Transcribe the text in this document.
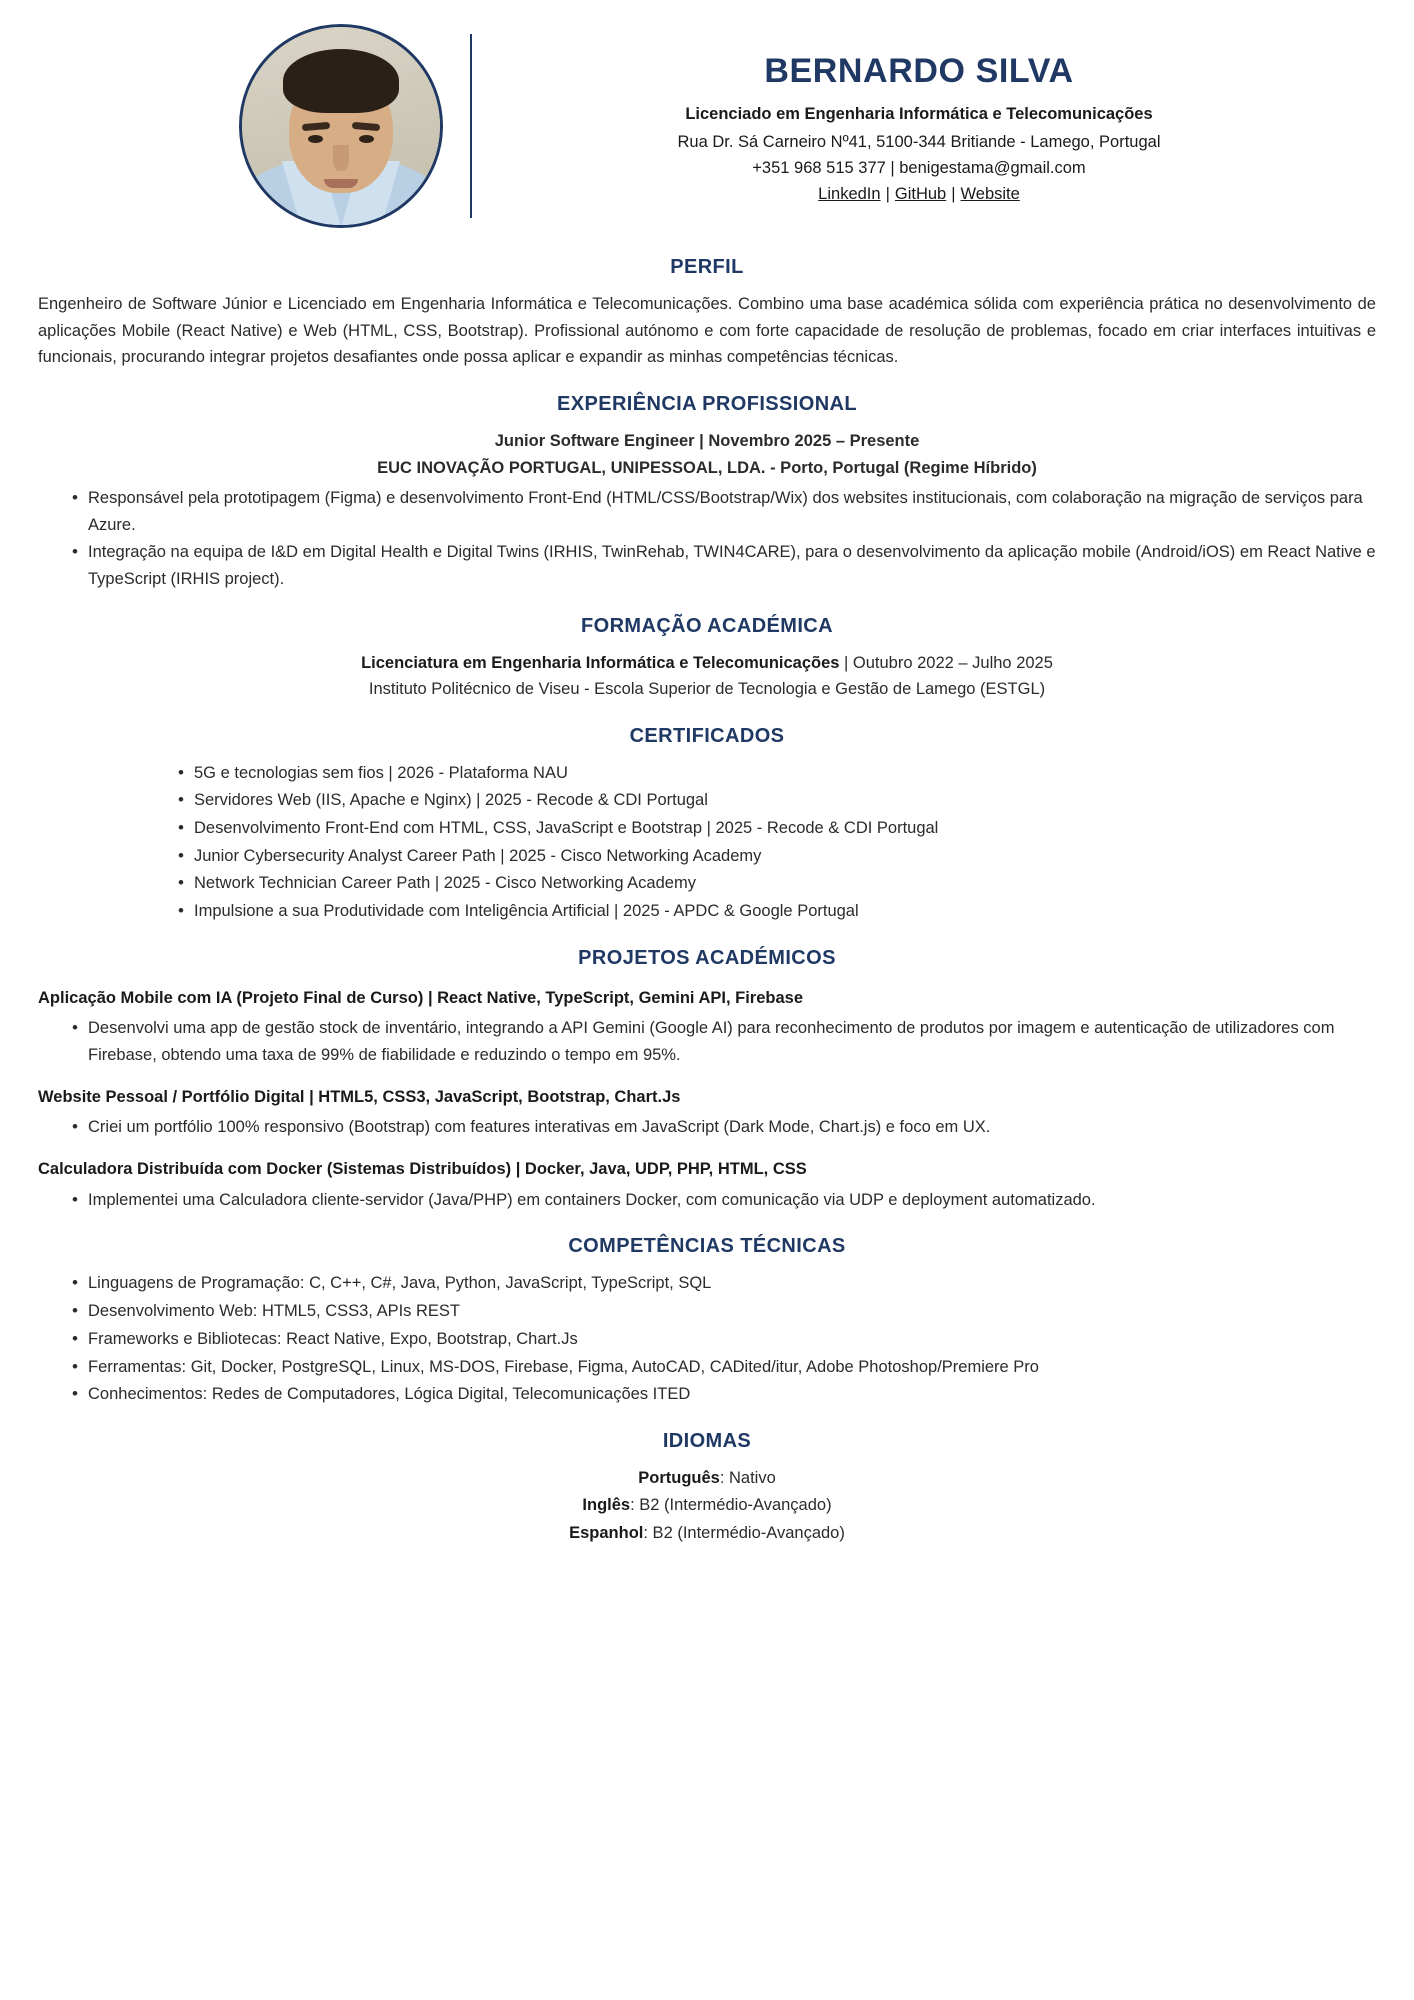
BERNARDO SILVA
Licenciado em Engenharia Informática e Telecomunicações
Rua Dr. Sá Carneiro Nº41, 5100-344 Britiande - Lamego, Portugal
+351 968 515 377 | benigestama@gmail.com
LinkedIn | GitHub | Website
PERFIL

Engenheiro de Software Júnior e Licenciado em Engenharia Informática e Telecomunicações. Combino uma base académica sólida com experiência prática no desenvolvimento de aplicações Mobile (React Native) e Web (HTML, CSS, Bootstrap). Profissional autónomo e com forte capacidade de resolução de problemas, focado em criar interfaces intuitivas e funcionais, procurando integrar projetos desafiantes onde possa aplicar e expandir as minhas competências técnicas.

EXPERIÊNCIA PROFISSIONAL
Junior Software Engineer | Novembro 2025 – Presente
EUC INOVAÇÃO PORTUGAL, UNIPESSOAL, LDA. - Porto, Portugal (Regime Híbrido)
• Responsável pela prototipagem (Figma) e desenvolvimento Front-End (HTML/CSS/Bootstrap/Wix) dos websites institucionais, com colaboração na migração de serviços para Azure.
• Integração na equipa de I&D em Digital Health e Digital Twins (IRHIS, TwinRehab, TWIN4CARE), para o desenvolvimento da aplicação mobile (Android/iOS) em React Native e TypeScript (IRHIS project).
FORMAÇÃO ACADÉMICA
Licenciatura em Engenharia Informática e Telecomunicações | Outubro 2022 – Julho 2025
Instituto Politécnico de Viseu - Escola Superior de Tecnologia e Gestão de Lamego (ESTGL)
CERTIFICADOS
• 5G e tecnologias sem fios | 2026 - Plataforma NAU
• Servidores Web (IIS, Apache e Nginx) | 2025 - Recode & CDI Portugal
• Desenvolvimento Front-End com HTML, CSS, JavaScript e Bootstrap | 2025 - Recode & CDI Portugal
• Junior Cybersecurity Analyst Career Path | 2025 - Cisco Networking Academy
• Network Technician Career Path | 2025 - Cisco Networking Academy
• Impulsione a sua Produtividade com Inteligência Artificial | 2025 - APDC & Google Portugal
PROJETOS ACADÉMICOS
Aplicação Mobile com IA (Projeto Final de Curso) | React Native, TypeScript, Gemini API, Firebase
• Desenvolvi uma app de gestão stock de inventário, integrando a API Gemini (Google AI) para reconhecimento de produtos por imagem e autenticação de utilizadores com Firebase, obtendo uma taxa de 99% de fiabilidade e reduzindo o tempo em 95%.
Website Pessoal / Portfólio Digital | HTML5, CSS3, JavaScript, Bootstrap, Chart.Js
• Criei um portfólio 100% responsivo (Bootstrap) com features interativas em JavaScript (Dark Mode, Chart.js) e foco em UX.
Calculadora Distribuída com Docker (Sistemas Distribuídos) | Docker, Java, UDP, PHP, HTML, CSS
• Implementei uma Calculadora cliente-servidor (Java/PHP) em containers Docker, com comunicação via UDP e deployment automatizado.
COMPETÊNCIAS TÉCNICAS
• Linguagens de Programação: C, C++, C#, Java, Python, JavaScript, TypeScript, SQL
• Desenvolvimento Web: HTML5, CSS3, APIs REST
• Frameworks e Bibliotecas: React Native, Expo, Bootstrap, Chart.Js
• Ferramentas: Git, Docker, PostgreSQL, Linux, MS-DOS, Firebase, Figma, AutoCAD, CADited/itur, Adobe Photoshop/Premiere Pro
• Conhecimentos: Redes de Computadores, Lógica Digital, Telecomunicações ITED
IDIOMAS
Português: Nativo
Inglês: B2 (Intermédio-Avançado)
Espanhol: B2 (Intermédio-Avançado)
